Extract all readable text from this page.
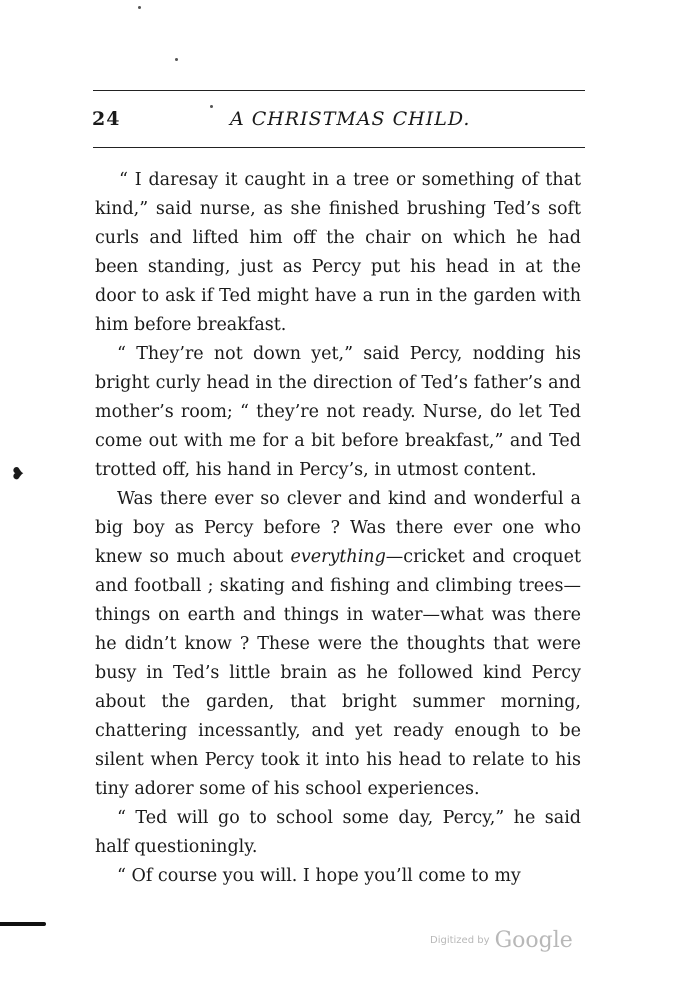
24	A CHRISTMAS CHILD.

“ I daresay it caught in a tree or something of that kind,” said nurse, as she finished brushing Ted’s soft curls and lifted him off the chair on which he had been standing, just as Percy put his head in at the door to ask if Ted might have a run in the garden with him before breakfast.

“ They’re not down yet,” said Percy, nodding his bright curly head in the direction of Ted’s father’s and mother’s room; “ they’re not ready. Nurse, do let Ted come out with me for a bit before breakfast,” and Ted trotted off, his hand in Percy’s, in utmost content.

Was there ever so clever and kind and wonderful a big boy as Percy before ? Was there ever one who knew so much about everything—cricket and croquet and football ; skating and fishing and climbing trees—things on earth and things in water—what was there he didn’t know ? These were the thoughts that were busy in Ted’s little brain as he followed kind Percy about the garden, that bright summer morning, chattering incessantly, and yet ready enough to be silent when Percy took it into his head to relate to his tiny adorer some of his school experiences.

“ Ted will go to school some day, Percy,” he said half questioningly.

“ Of course you will. I hope you’ll come to my

❥
Digitized by Google
